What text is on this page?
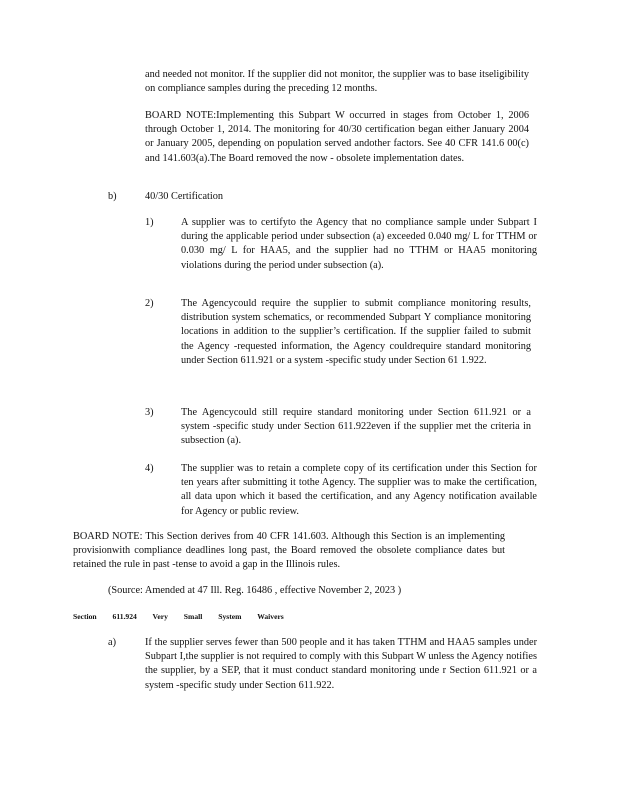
and needed not monitor. If the supplier did not monitor, the supplier was to base itseligibility on compliance samples during the preceding 12 months.

BOARD NOTE:Implementing this Subpart W occurred in stages from October 1, 2006 through October 1, 2014. The monitoring for 40/30 certification began either January 2004 or January 2005, depending on population served andother factors. See 40 CFR 141.6 00(c) and 141.603(a).The Board removed the now - obsolete implementation dates.

b)	40/30 Certification

1)	A supplier was to certifyto the Agency that no compliance sample under Subpart I during the applicable period under subsection (a) exceeded 0.040 mg/ L for TTHM or 0.030 mg/ L for HAA5, and the supplier had no TTHM or HAA5 monitoring violations during the period under subsection (a).

2)	The Agencycould require the supplier to submit compliance monitoring results, distribution system schematics, or recommended Subpart Y compliance monitoring locations in addition to the supplier’s certification. If the supplier failed to submit the Agency -requested information, the Agency couldrequire standard monitoring under Section 611.921 or a system -specific study under Section 61 1.922.

3)	The Agencycould still require standard monitoring under Section 611.921 or a system -specific study under Section 611.922even if the supplier met the criteria in subsection (a).

4)	The supplier was to retain a complete copy of its certification under this Section for ten years after submitting it tothe Agency. The supplier was to make the certification, all data upon which it based the certification, and any Agency notification available for Agency or public review.

BOARD NOTE: This Section derives from 40 CFR 141.603. Although this Section is an implementing provisionwith compliance deadlines long past, the Board removed the obsolete compliance dates but retained the rule in past -tense to avoid a gap in the Illinois rules.

(Source: Amended at 47 Ill. Reg. 16486 , effective November 2, 2023 )

Section 611.924 Very Small System Waivers

a)	If the supplier serves fewer than 500 people and it has taken TTHM and HAA5 samples under Subpart I,the supplier is not required to comply with this Subpart W unless the Agency notifies the supplier, by a SEP, that it must conduct standard monitoring unde r Section 611.921 or a system -specific study under Section 611.922.
